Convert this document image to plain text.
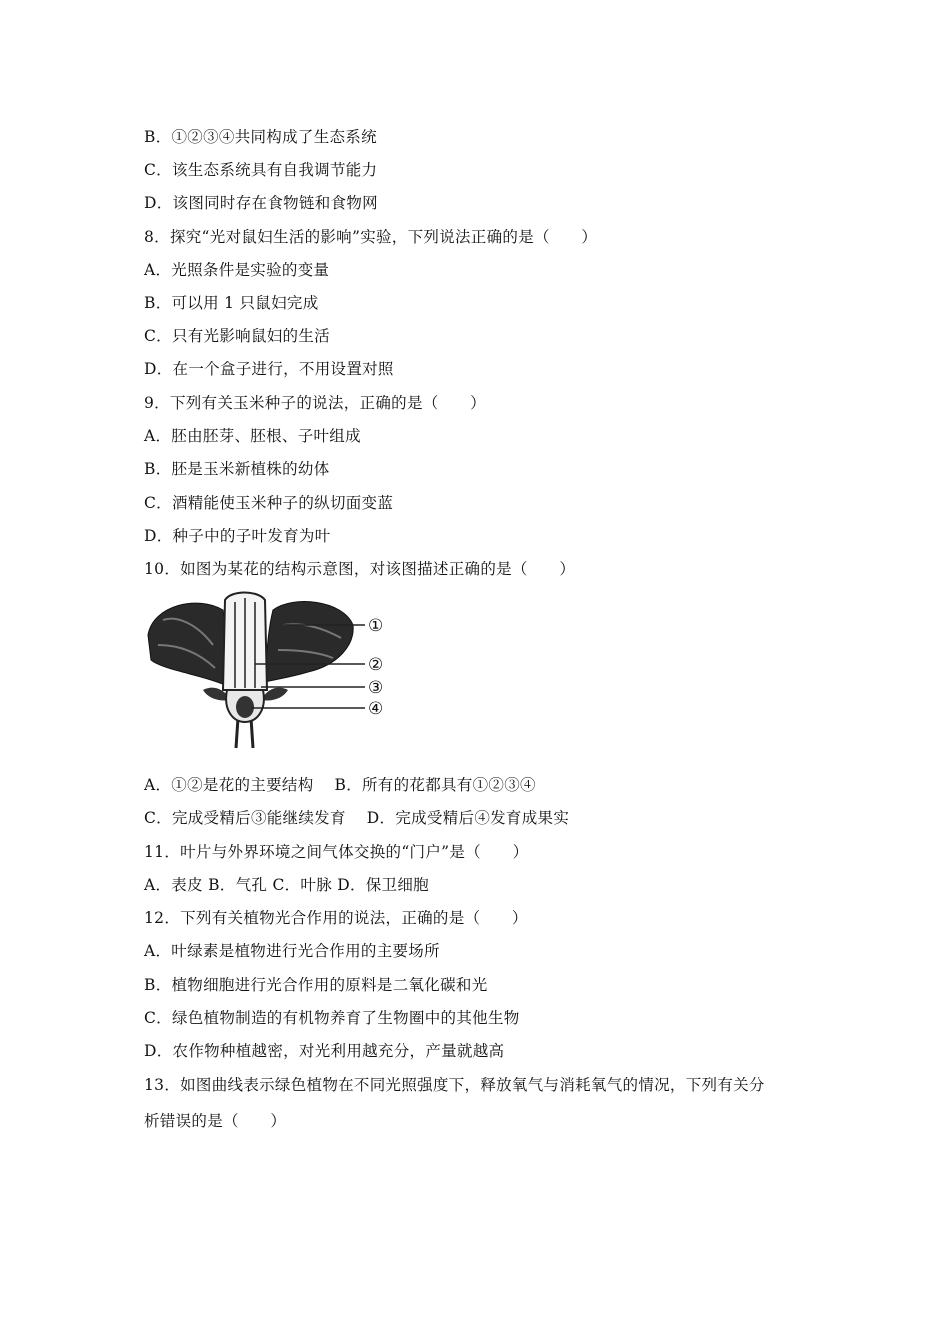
B．①②③④共同构成了生态系统
C．该生态系统具有自我调节能力
D．该图同时存在食物链和食物网
8．探究“光对鼠妇生活的影响”实验，下列说法正确的是（　　）
A．光照条件是实验的变量
B．可以用 1 只鼠妇完成
C．只有光影响鼠妇的生活
D．在一个盒子进行，不用设置对照
9．下列有关玉米种子的说法，正确的是（　　）
A．胚由胚芽、胚根、子叶组成
B．胚是玉米新植株的幼体
C．酒精能使玉米种子的纵切面变蓝
D．种子中的子叶发育为叶
10．如图为某花的结构示意图，对该图描述正确的是（　　）
①
②
③
④
A．①②是花的主要结构　 B．所有的花都具有①②③④
C．完成受精后③能继续发育　 D．完成受精后④发育成果实
11．叶片与外界环境之间气体交换的“门户”是（　　）
A．表皮 B．气孔 C．叶脉 D．保卫细胞
12．下列有关植物光合作用的说法，正确的是（　　）
A．叶绿素是植物进行光合作用的主要场所
B．植物细胞进行光合作用的原料是二氧化碳和光
C．绿色植物制造的有机物养育了生物圈中的其他生物
D．农作物种植越密，对光利用越充分，产量就越高
13．如图曲线表示绿色植物在不同光照强度下，释放氧气与消耗氧气的情况，下列有关分
析错误的是（　　）
